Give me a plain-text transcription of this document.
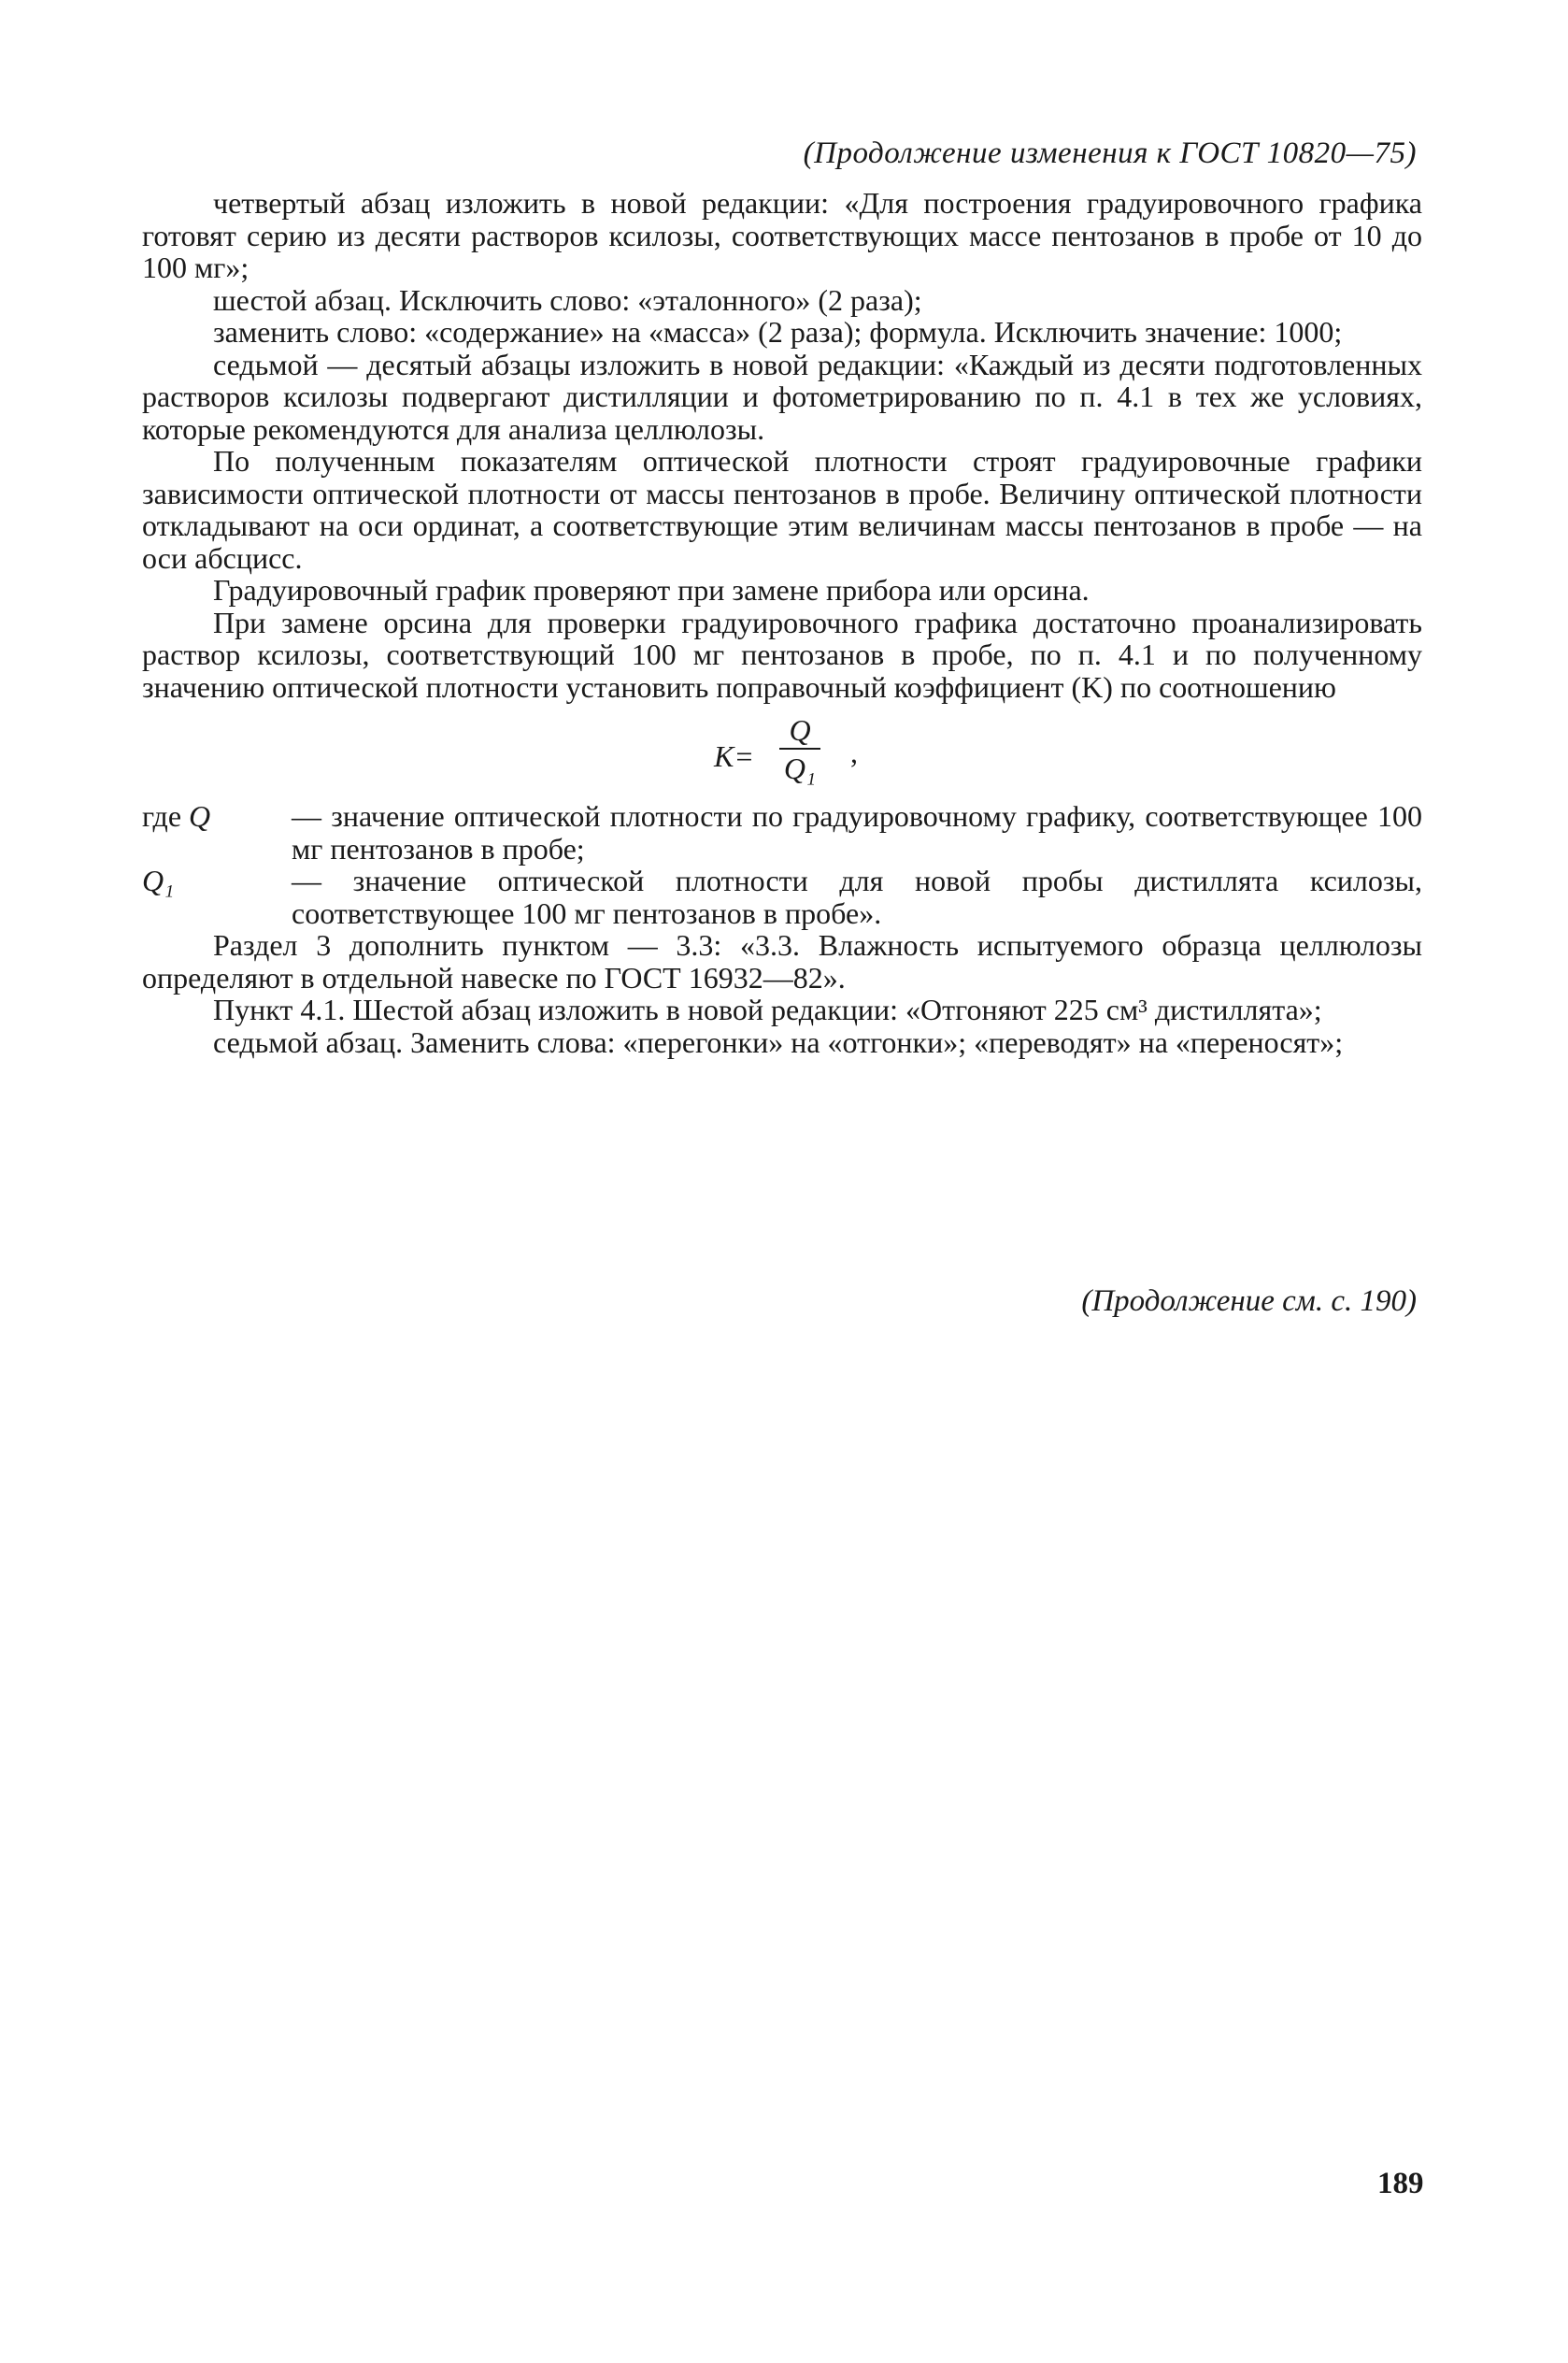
(Продолжение изменения к ГОСТ 10820—75)

четвертый абзац изложить в новой редакции: «Для построения градуировочного графика готовят серию из десяти растворов ксилозы, соответствующих массе пентозанов в пробе от 10 до 100 мг»;

шестой абзац. Исключить слово: «эталонного» (2 раза);

заменить слово: «содержание» на «масса» (2 раза); формула. Исключить значение: 1000;

седьмой — десятый абзацы изложить в новой редакции: «Каждый из десяти подготовленных растворов ксилозы подвергают дистилляции и фотометрированию по п. 4.1 в тех же условиях, которые рекомендуются для анализа целлюлозы.

По полученным показателям оптической плотности строят градуировочные графики зависимости оптической плотности от массы пентозанов в пробе. Величину оптической плотности откладывают на оси ординат, а соответствующие этим величинам массы пентозанов в пробе — на оси абсцисс.

Градуировочный график проверяют при замене прибора или орсина.

При замене орсина для проверки градуировочного графика достаточно проанализировать раствор ксилозы, соответствующий 100 мг пентозанов в пробе, по п. 4.1 и по полученному значению оптической плотности установить поправочный коэффициент (K) по соотношению

$K= \frac{Q}{\text{Q₁}}$ ,
где Q	— значение оптической плотности по градуировочному графику, соответствующее 100 мг пентозанов в пробе;
Q₁	— значение оптической плотности для новой пробы дистиллята ксилозы, соответствующее 100 мг пентозанов в пробе».

Раздел 3 дополнить пунктом — 3.3: «3.3. Влажность испытуемого образца целлюлозы определяют в отдельной навеске по ГОСТ 16932—82».

Пункт 4.1. Шестой абзац изложить в новой редакции: «Отгоняют 225 см³ дистиллята»;

седьмой абзац. Заменить слова: «перегонки» на «отгонки»; «переводят» на «переносят»;

(Продолжение см. с. 190)
189
